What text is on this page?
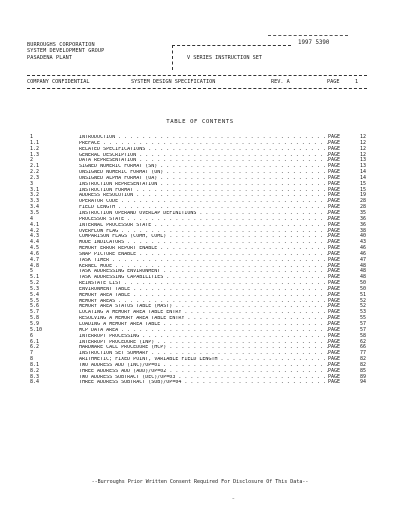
1997 5390
BURROUGHS CORPORATION
SYSTEM DEVELOPMENT GROUP
PASADENA PLANT	V SERIES INSTRUCTION SET
COMPANY CONFIDENTIAL	SYSTEM DESIGN SPECIFICATION	REV. A	PAGE	1
TABLE OF CONTENTS
1	INTRODUCTION . . .	PAGE	12
1.1	PREFACE . . .	PAGE	12
1.2	RELATED SPECIFICATIONS . . .	PAGE	12
1.3	GENERAL DESCRIPTION . . .	PAGE	12
2	DATA REPRESENTATION . . .	PAGE	13
2.1	SIGNED NUMERIC FORMAT (SN) . . .	PAGE	13
2.2	UNSIGNED NUMERIC FORMAT (UN) . . .	PAGE	14
2.3	UNSIGNED ALPHA FORMAT (UA) . . .	PAGE	14
3	INSTRUCTION REPRESENTATION . . .	PAGE	15
3.1	INSTRUCTION FORMAT . . .	PAGE	15
3.2	ADDRESS RESOLUTION . . .	PAGE	19
3.3	OPERATOR CODE . . .	PAGE	28
3.4	FIELD LENGTH . . .	PAGE	28
3.5	INSTRUCTION OPERAND OVERLAP DEFINITIONS . . .	PAGE	35
4	PROCESSOR STATE . . .	PAGE	36
4.1	INTERNAL PROCESSOR STATE . . .	PAGE	36
4.2	OVERFLOW FLAG . . .	PAGE	38
4.3	COMPARISON FLAGS (COMH, COML) . . .	PAGE	40
4.4	MODE INDICATORS . . .	PAGE	43
4.5	MEMORY ERROR REPORT ENABLE . . .	PAGE	46
4.6	SNAP PICTURE ENABLE . . .	PAGE	46
4.7	TASK TIMER . . .	PAGE	47
4.8	KERNEL MODE . . .	PAGE	48
5	TASK ADDRESSING ENVIRONMENT . . .	PAGE	48
5.1	TASK ADDRESSING CAPABILITIES . . .	PAGE	48
5.2	REINSTATE LIST . . .	PAGE	50
5.3	ENVIRONMENT TABLE . . .	PAGE	50
5.4	MEMORY AREA TABLE . . .	PAGE	51
5.5	MEMORY AREAS . . .	PAGE	52
5.6	MEMORY AREA STATUS TABLE (MAST) . . .	PAGE	52
5.7	LOCATING A MEMORY AREA TABLE ENTRY . . .	PAGE	53
5.8	RESOLVING A MEMORY AREA TABLE ENTRY . . .	PAGE	55
5.9	LOADING A MEMORY AREA TABLE . . .	PAGE	57
5.10	MCP DATA AREA . . .	PAGE	57
6	INTERRUPT PROCESSING . . .	PAGE	58
6.1	INTERRUPT PROCEDURE (INP) . . .	PAGE	62
6.2	HARDWARE CALL PROCEDURE (HCP) . . .	PAGE	66
7	INSTRUCTION SET SUMMARY . . .	PAGE	77
8	ARITHMETIC; FIXED POINT, VARIABLE FIELD LENGTH . . .	PAGE	82
8.1	TWO ADDRESS ADD (INC)/OP=01 . . .	PAGE	82
8.2	THREE ADDRESS ADD (ADD)/OP=02 . . .	PAGE	85
8.3	TWO ADDRESS SUBTRACT (DEC)/OP=03 . . .	PAGE	89
8.4	THREE ADDRESS SUBTRACT (SUB)/OP=04 . . .	PAGE	94
~
--Burroughs Prior Written Consent Required For Disclosure Of This Data--
